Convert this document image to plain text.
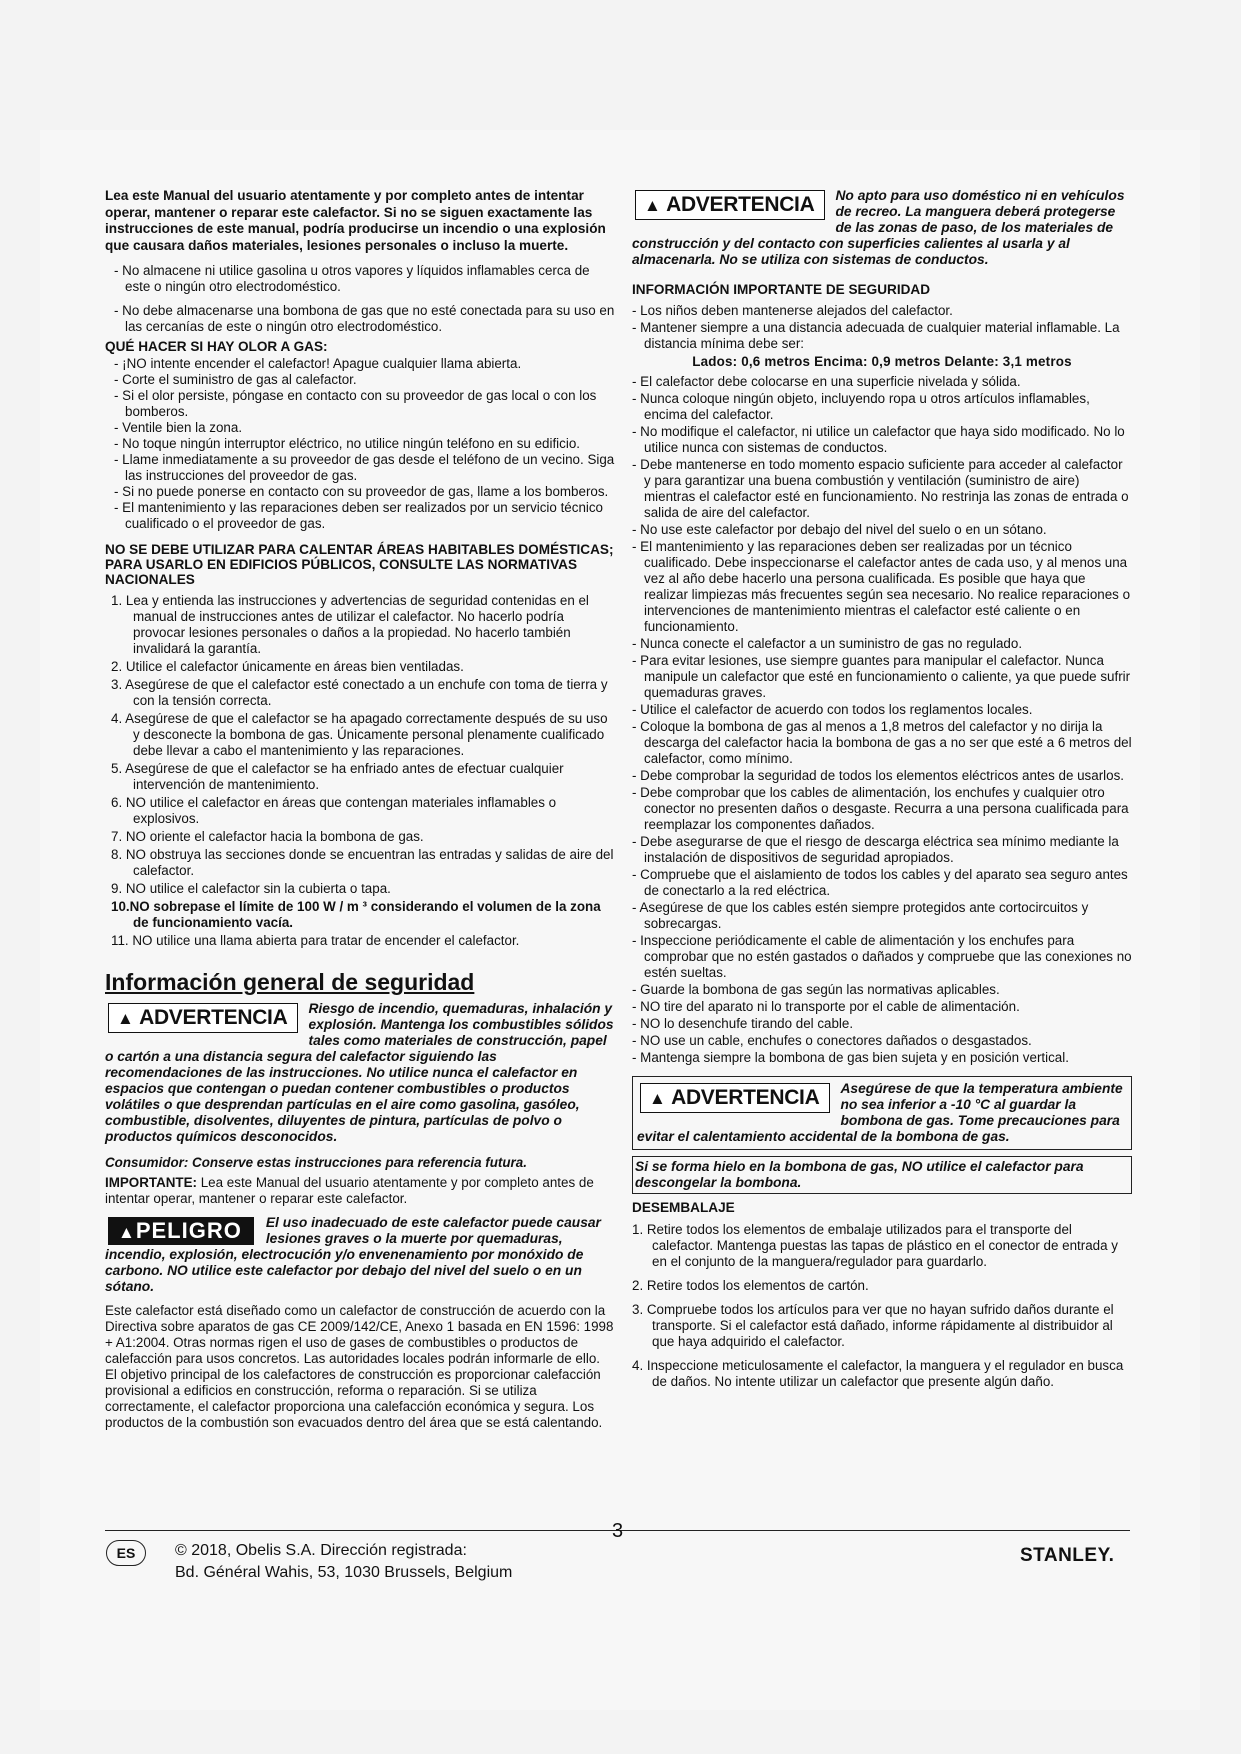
Lea este Manual del usuario atentamente y por completo antes de intentar operar, mantener o reparar este calefactor. Si no se siguen exactamente las instrucciones de este manual, podría producirse un incendio o una explosión que causara daños materiales, lesiones personales o incluso la muerte.

- No almacene ni utilice gasolina u otros vapores y líquidos inflamables cerca de este o ningún otro electrodoméstico.

- No debe almacenarse una bombona de gas que no esté conectada para su uso en las cercanías de este o ningún otro electrodoméstico.

QUÉ HACER SI HAY OLOR A GAS:

- ¡NO intente encender el calefactor! Apague cualquier llama abierta.

- Corte el suministro de gas al calefactor.

- Si el olor persiste, póngase en contacto con su proveedor de gas local o con los bomberos.

- Ventile bien la zona.

- No toque ningún interruptor eléctrico, no utilice ningún teléfono en su edificio.

- Llame inmediatamente a su proveedor de gas desde el teléfono de un vecino. Siga las instrucciones del proveedor de gas.

- Si no puede ponerse en contacto con su proveedor de gas, llame a los bomberos.

- El mantenimiento y las reparaciones deben ser realizados por un servicio técnico cualificado o el proveedor de gas.

NO SE DEBE UTILIZAR PARA CALENTAR ÁREAS HABITABLES DOMÉSTICAS; PARA USARLO EN EDIFICIOS PÚBLICOS, CONSULTE LAS NORMATIVAS NACIONALES

1. Lea y entienda las instrucciones y advertencias de seguridad contenidas en el manual de instrucciones antes de utilizar el calefactor. No hacerlo podría provocar lesiones personales o daños a la propiedad. No hacerlo también invalidará la garantía.

2. Utilice el calefactor únicamente en áreas bien ventiladas.

3. Asegúrese de que el calefactor esté conectado a un enchufe con toma de tierra y con la tensión correcta.

4. Asegúrese de que el calefactor se ha apagado correctamente después de su uso y desconecte la bombona de gas. Únicamente personal plenamente cualificado debe llevar a cabo el mantenimiento y las reparaciones.

5. Asegúrese de que el calefactor se ha enfriado antes de efectuar cualquier intervención de mantenimiento.

6. NO utilice el calefactor en áreas que contengan materiales inflamables o explosivos.

7. NO oriente el calefactor hacia la bombona de gas.

8. NO obstruya las secciones donde se encuentran las entradas y salidas de aire del calefactor.

9. NO utilice el calefactor sin la cubierta o tapa.

10.NO sobrepase el límite de 100 W / m ³ considerando el volumen de la zona de funcionamiento vacía.

11. NO utilice una llama abierta para tratar de encender el calefactor.

Información general de seguridad

▲ ADVERTENCIA	Riesgo de incendio, quemaduras, inhalación y explosión. Mantenga los combustibles sólidos tales como materiales de construcción, papel o cartón a una distancia segura del calefactor siguiendo las recomendaciones de las instrucciones. No utilice nunca el calefactor en espacios que contengan o puedan contener combustibles o productos volátiles o que desprendan partículas en el aire como gasolina, gasóleo, combustible, disolventes, diluyentes de pintura, partículas de polvo o productos químicos desconocidos.

Consumidor: Conserve estas instrucciones para referencia futura.

IMPORTANTE: Lea este Manual del usuario atentamente y por completo antes de intentar operar, mantener o reparar este calefactor.

▲PELIGRO	El uso inadecuado de este calefactor puede causar lesiones graves o la muerte por quemaduras, incendio, explosión, electrocución y/o envenenamiento por monóxido de carbono. NO utilice este calefactor por debajo del nivel del suelo o en un sótano.

Este calefactor está diseñado como un calefactor de construcción de acuerdo con la Directiva sobre aparatos de gas CE 2009/142/CE, Anexo 1 basada en EN 1596: 1998 + A1:2004. Otras normas rigen el uso de gases de combustibles o productos de calefacción para usos concretos. Las autoridades locales podrán informarle de ello. El objetivo principal de los calefactores de construcción es proporcionar calefacción provisional a edificios en construcción, reforma o reparación. Si se utiliza correctamente, el calefactor proporciona una calefacción económica y segura. Los productos de la combustión son evacuados dentro del área que se está calentando.

▲ ADVERTENCIA	No apto para uso doméstico ni en vehículos de recreo. La manguera deberá protegerse de las zonas de paso, de los materiales de construcción y del contacto con superficies calientes al usarla y al almacenarla. No se utiliza con sistemas de conductos.

INFORMACIÓN IMPORTANTE DE SEGURIDAD

- Los niños deben mantenerse alejados del calefactor.

- Mantener siempre a una distancia adecuada de cualquier material inflamable. La distancia mínima debe ser:

Lados: 0,6 metros Encima: 0,9 metros Delante: 3,1 metros

- El calefactor debe colocarse en una superficie nivelada y sólida.

- Nunca coloque ningún objeto, incluyendo ropa u otros artículos inflamables, encima del calefactor.

- No modifique el calefactor, ni utilice un calefactor que haya sido modificado. No lo utilice nunca con sistemas de conductos.

- Debe mantenerse en todo momento espacio suficiente para acceder al calefactor y para garantizar una buena combustión y ventilación (suministro de aire) mientras el calefactor esté en funcionamiento. No restrinja las zonas de entrada o salida de aire del calefactor.

- No use este calefactor por debajo del nivel del suelo o en un sótano.

- El mantenimiento y las reparaciones deben ser realizadas por un técnico cualificado. Debe inspeccionarse el calefactor antes de cada uso, y al menos una vez al año debe hacerlo una persona cualificada. Es posible que haya que realizar limpiezas más frecuentes según sea necesario. No realice reparaciones o intervenciones de mantenimiento mientras el calefactor esté caliente o en funcionamiento.

- Nunca conecte el calefactor a un suministro de gas no regulado.

- Para evitar lesiones, use siempre guantes para manipular el calefactor. Nunca manipule un calefactor que esté en funcionamiento o caliente, ya que puede sufrir quemaduras graves.

- Utilice el calefactor de acuerdo con todos los reglamentos locales.

- Coloque la bombona de gas al menos a 1,8 metros del calefactor y no dirija la descarga del calefactor hacia la bombona de gas a no ser que esté a 6 metros del calefactor, como mínimo.

- Debe comprobar la seguridad de todos los elementos eléctricos antes de usarlos.

- Debe comprobar que los cables de alimentación, los enchufes y cualquier otro conector no presenten daños o desgaste. Recurra a una persona cualificada para reemplazar los componentes dañados.

- Debe asegurarse de que el riesgo de descarga eléctrica sea mínimo mediante la instalación de dispositivos de seguridad apropiados.

- Compruebe que el aislamiento de todos los cables y del aparato sea seguro antes de conectarlo a la red eléctrica.

- Asegúrese de que los cables estén siempre protegidos ante cortocircuitos y sobrecargas.

- Inspeccione periódicamente el cable de alimentación y los enchufes para comprobar que no estén gastados o dañados y compruebe que las conexiones no estén sueltas.

- Guarde la bombona de gas según las normativas aplicables.

- NO tire del aparato ni lo transporte por el cable de alimentación.

- NO lo desenchufe tirando del cable.

- NO use un cable, enchufes o conectores dañados o desgastados.

- Mantenga siempre la bombona de gas bien sujeta y en posición vertical.

▲ ADVERTENCIA	Asegúrese de que la temperatura ambiente no sea inferior a -10 °C al guardar la bombona de gas. Tome precauciones para evitar el calentamiento accidental de la bombona de gas.
Si se forma hielo en la bombona de gas, NO utilice el calefactor para descongelar la bombona.

DESEMBALAJE

1. Retire todos los elementos de embalaje utilizados para el transporte del calefactor. Mantenga puestas las tapas de plástico en el conector de entrada y en el conjunto de la manguera/regulador para guardarlo.

2. Retire todos los elementos de cartón.

3. Compruebe todos los artículos para ver que no hayan sufrido daños durante el transporte. Si el calefactor está dañado, informe rápidamente al distribuidor al que haya adquirido el calefactor.

4. Inspeccione meticulosamente el calefactor, la manguera y el regulador en busca de daños. No intente utilizar un calefactor que presente algún daño.

ES	© 2018, Obelis S.A. Dirección registrada:
Bd. Général Wahis, 53, 1030 Brussels, Belgium
3
STANLEY.
